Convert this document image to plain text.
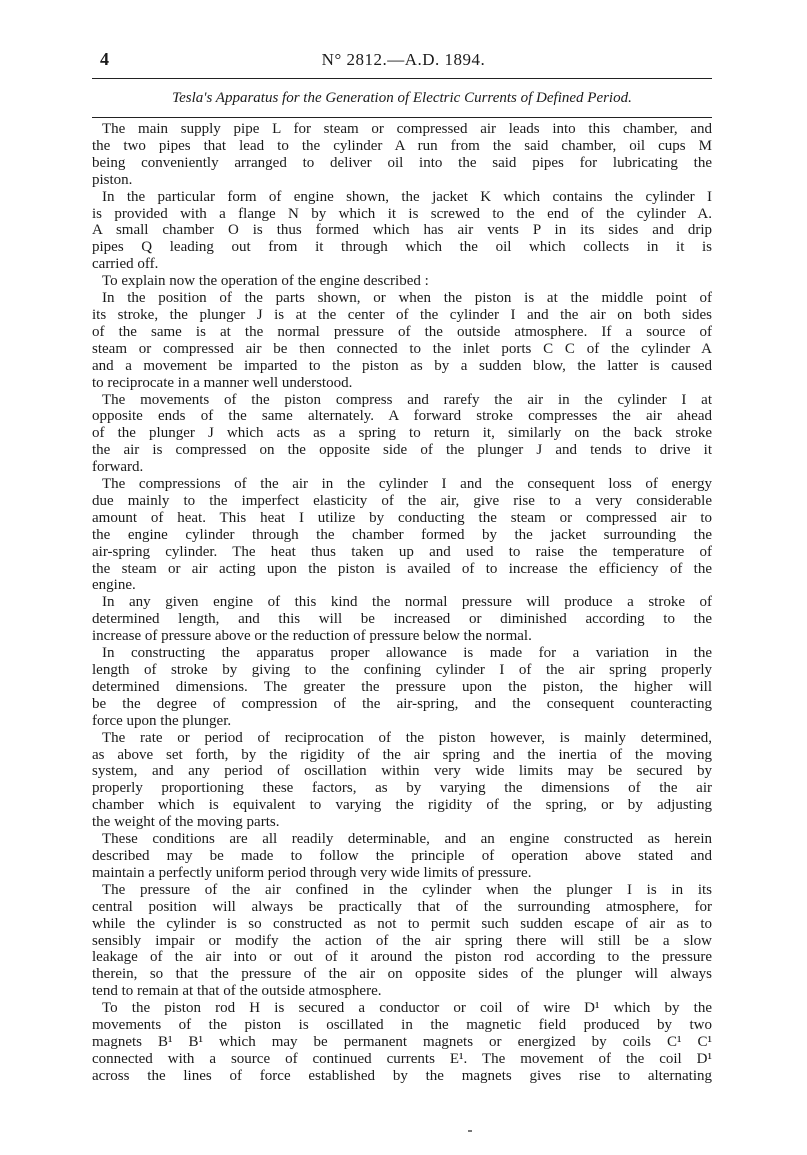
4	N° 2812.—A.D. 1894.
Tesla's Apparatus for the Generation of Electric Currents of Defined Period.
The main supply pipe L for steam or compressed air leads into this chamber, and
the two pipes that lead to the cylinder A run from the said chamber, oil cups M
being conveniently arranged to deliver oil into the said pipes for lubricating the
piston.
In the particular form of engine shown, the jacket K which contains the cylinder I
is provided with a flange N by which it is screwed to the end of the cylinder A.
A small chamber O is thus formed which has air vents P in its sides and drip
pipes Q leading out from it through which the oil which collects in it is
carried off.
To explain now the operation of the engine described :
In the position of the parts shown, or when the piston is at the middle point of
its stroke, the plunger J is at the center of the cylinder I and the air on both sides
of the same is at the normal pressure of the outside atmosphere. If a source of
steam or compressed air be then connected to the inlet ports C C of the cylinder A
and a movement be imparted to the piston as by a sudden blow, the latter is caused
to reciprocate in a manner well understood.
The movements of the piston compress and rarefy the air in the cylinder I at
opposite ends of the same alternately. A forward stroke compresses the air ahead
of the plunger J which acts as a spring to return it, similarly on the back stroke
the air is compressed on the opposite side of the plunger J and tends to drive it
forward.
The compressions of the air in the cylinder I and the consequent loss of energy
due mainly to the imperfect elasticity of the air, give rise to a very considerable
amount of heat. This heat I utilize by conducting the steam or compressed air to
the engine cylinder through the chamber formed by the jacket surrounding the
air-spring cylinder. The heat thus taken up and used to raise the temperature of
the steam or air acting upon the piston is availed of to increase the efficiency of the
engine.
In any given engine of this kind the normal pressure will produce a stroke of
determined length, and this will be increased or diminished according to the
increase of pressure above or the reduction of pressure below the normal.
In constructing the apparatus proper allowance is made for a variation in the
length of stroke by giving to the confining cylinder I of the air spring properly
determined dimensions. The greater the pressure upon the piston, the higher will
be the degree of compression of the air-spring, and the consequent counteracting
force upon the plunger.
The rate or period of reciprocation of the piston however, is mainly determined,
as above set forth, by the rigidity of the air spring and the inertia of the moving
system, and any period of oscillation within very wide limits may be secured by
properly proportioning these factors, as by varying the dimensions of the air
chamber which is equivalent to varying the rigidity of the spring, or by adjusting
the weight of the moving parts.
These conditions are all readily determinable, and an engine constructed as herein
described may be made to follow the principle of operation above stated and
maintain a perfectly uniform period through very wide limits of pressure.
The pressure of the air confined in the cylinder when the plunger I is in its
central position will always be practically that of the surrounding atmosphere, for
while the cylinder is so constructed as not to permit such sudden escape of air as to
sensibly impair or modify the action of the air spring there will still be a slow
leakage of the air into or out of it around the piston rod according to the pressure
therein, so that the pressure of the air on opposite sides of the plunger will always
tend to remain at that of the outside atmosphere.
To the piston rod H is secured a conductor or coil of wire D¹ which by the
movements of the piston is oscillated in the magnetic field produced by two
magnets B¹ B¹ which may be permanent magnets or energized by coils C¹ C¹
connected with a source of continued currents E¹. The movement of the coil D¹
across the lines of force established by the magnets gives rise to alternating
